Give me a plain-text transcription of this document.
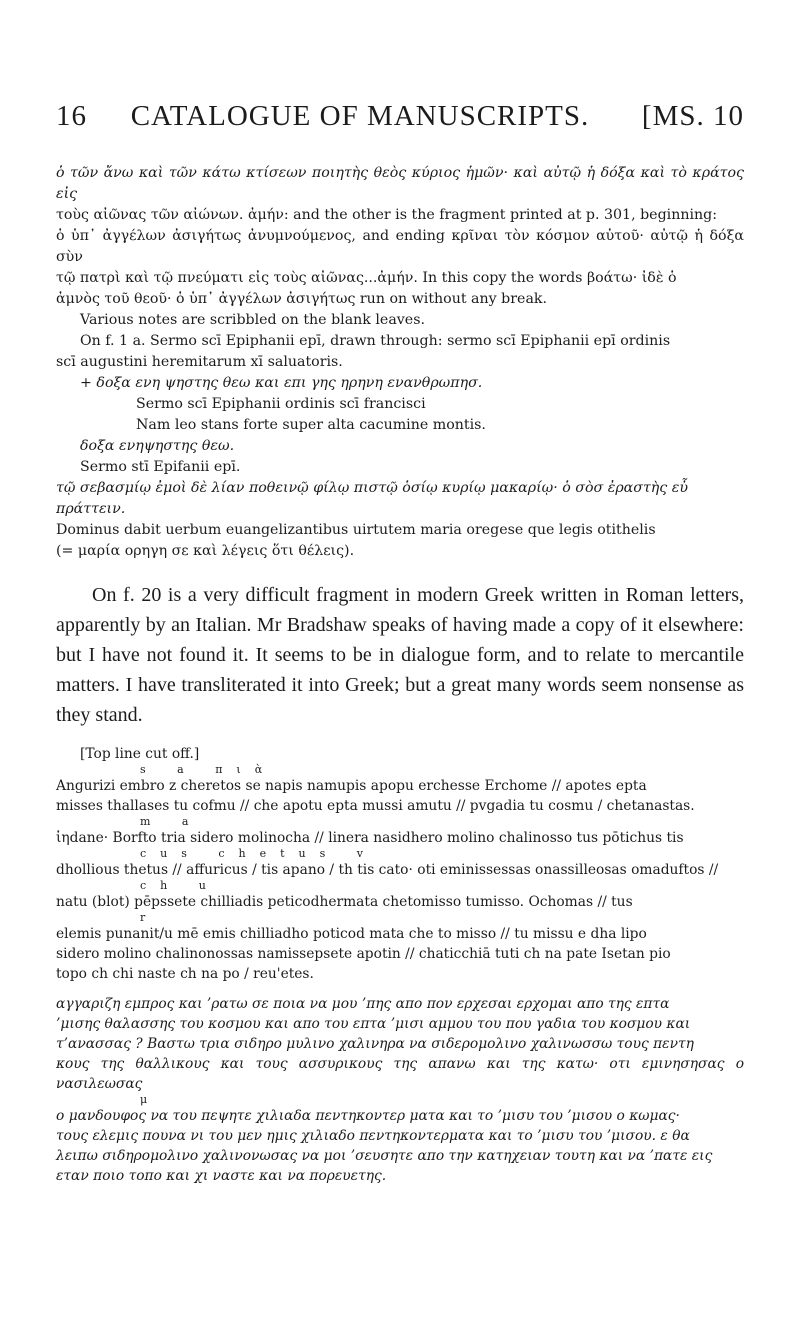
16	CATALOGUE OF MANUSCRIPTS.	[MS. 10

ὁ τῶν ἄνω καὶ τῶν κάτω κτίσεων ποιητὴς θεὸς κύριος ἡμῶν· καὶ αὐτῷ ἡ δόξα καὶ τὸ κράτος εἰς

τοὺς αἰῶνας τῶν αἰώνων. ἀμήν: and the other is the fragment printed at p. 301, beginning:

ὁ ὑπ᾽ ἀγγέλων ἀσιγήτως ἀνυμνούμενος, and ending κρῖναι τὸν κόσμον αὐτοῦ· αὐτῷ ἡ δόξα σὺν

τῷ πατρὶ καὶ τῷ πνεύματι εἰς τοὺς αἰῶνας...ἀμήν. In this copy the words βοάτω· ἰδὲ ὁ

ἀμνὸς τοῦ θεοῦ· ὁ ὑπ᾽ ἀγγέλων ἀσιγήτως run on without any break.

Various notes are scribbled on the blank leaves.

On f. 1 a. Sermo scī Epiphanii epī, drawn through: sermo scī Epiphanii epī ordinis

scī augustini heremitarum xī saluatoris.

+ δοξα ενη ψηστης θεω και επι γης ηρηνη ενανθρωπησ.

Sermo scī Epiphanii ordinis scī francisci

Nam leo stans forte super alta cacumine montis.

δοξα ενηψηστης θεω.

Sermo stī Epifanii epī.

τῷ σεβασμίῳ ἐμοὶ δὲ λίαν ποθεινῷ φίλῳ πιστῷ ὁσίῳ κυρίῳ μακαρίῳ· ὁ σὸσ ἐραστὴς εὖ

πράττειν.

Dominus dabit uerbum euangelizantibus uirtutem maria oregese que legis otithelis

(= μαρία ορηγη σε καὶ λέγεις ὅτι θέλεις).

On f. 20 is a very difficult fragment in modern Greek written in Roman letters, apparently by an Italian. Mr Bradshaw speaks of having made a copy of it elsewhere: but I have not found it. It seems to be in dialogue form, and to relate to mercantile matters. I have transliterated it into Greek; but a great many words seem nonsense as they stand.

[Top line cut off.]

s a πιὰ

Angurizi embro z cheretos se napis namupis apopu erchesse Erchome // apotes epta

misses thallases tu cofmu // che apotu epta mussi amutu // pvgadia tu cosmu / chetanastas.

m a

ἱηdane· Borfto tria sidero molinocha // linera nasidhero molino chalinosso tus pōtichus tis

cus chetus v

dhollious thetus // affuricus / tis apano / th tis cato· oti eminissessas onassilleosas omaduftos //

ch u

natu (blot) pēpssete chilliadis peticodhermata chetomisso tumisso. Ochomas // tus

r

elemis punanit/u mē emis chilliadho poticod mata che to misso // tu missu e dha lipo

sidero molino chalinonossas namissepsete apotin // chaticchiā tuti ch na pate Isetan pio

topo ch chi naste ch na po / reu'etes.

αγγαριζη εμπρος και ’ρατω σε ποια να μου ’πης απο πον ερχεσαι ερχομαι απο της επτα

’μισης θαλασσης του κοσμου και απο του επτα ’μισι αμμου του που γαδια του κοσμου και

τ’ανασσας ? Βαστω τρια σιδηρο μυλινο χαλινηρα να σιδερομολινο χαλινωσσω τους πεντη

κους της θαλλικους και τους ασσυρικους της απανω και της κατω· οτι εμινησησας ο νασιλεωσας

μ

ο μανδουφος να του πεψητε χιλιαδα πεντηκοντερ ματα και το ’μισυ του ’μισου ο κωμας·

τους ελεμις πουνα νι του μεν ημις χιλιαδο πεντηκοντερματα και το ’μισυ του ’μισου. ε θα

λειπω σιδηρομολινο χαλινονωσας να μοι ’σευσητε απο την κατηχειαν τουτη και να ’πατε εις

εταν ποιο τοπο και χι ναστε και να πορευετης.
